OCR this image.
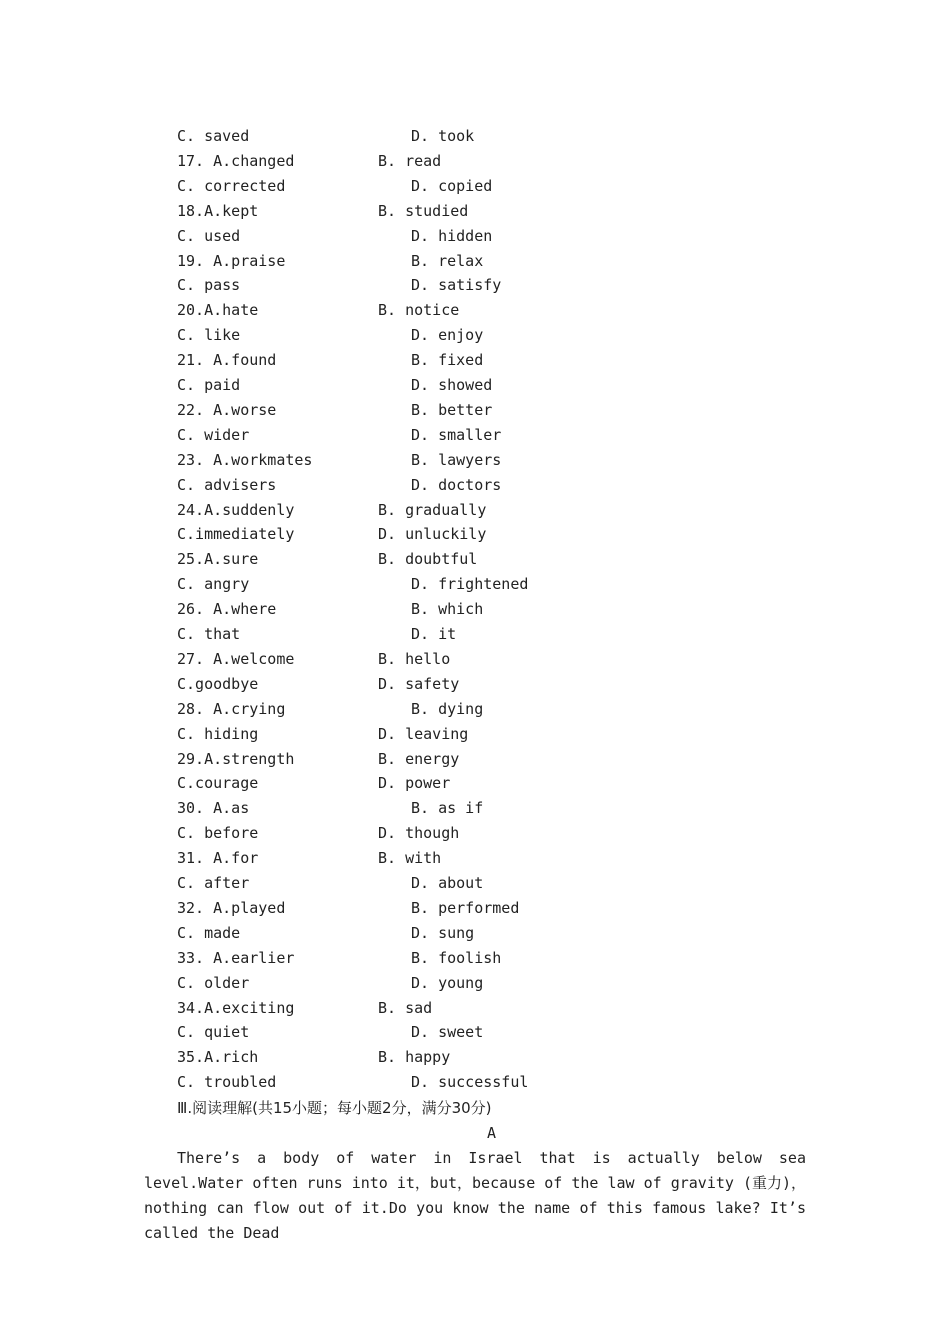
C. saved	D. took
17. A.changed	B. read
C. corrected	D. copied
18.A.kept	B. studied
C. used	D. hidden
19. A.praise	B. relax
C. pass	D. satisfy
20.A.hate	B. notice
C. like	D. enjoy
21. A.found	B. fixed
C. paid	D. showed
22. A.worse	B. better
C. wider	D. smaller
23. A.workmates	B. lawyers
C. advisers	D. doctors
24.A.suddenly	B. gradually
C.immediately	D. unluckily
25.A.sure	B. doubtful
C. angry	D. frightened
26. A.where	B. which
C. that	D. it
27. A.welcome	B. hello
C.goodbye	D. safety
28. A.crying	B. dying
C. hiding	D. leaving
29.A.strength	B. energy
C.courage	D. power
30. A.as	B. as if
C. before	D. though
31. A.for	B. with
C. after	D. about
32. A.played	B. performed
C. made	D. sung
33. A.earlier	B. foolish
C. older	D. young
34.A.exciting	B. sad
C. quiet	D. sweet
35.A.rich	B. happy
C. troubled	D. successful
Ⅲ.阅读理解(共15小题；每小题2分，满分30分)
A
There’s a body of water in Israel that is actually below sea level.Water often runs into it，but，because of the law of gravity (重力)，nothing can flow out of it.Do you know the name of this famous lake? It’s called the Dead
